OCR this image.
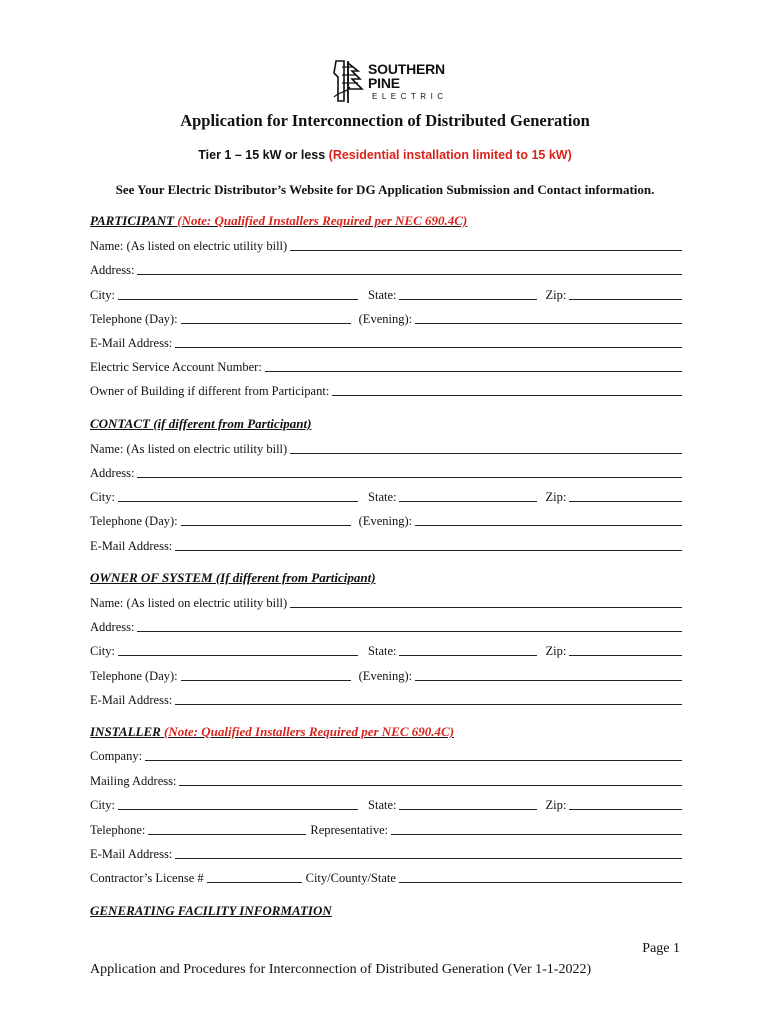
SOUTHERN PINE
ELECTRIC
Application for Interconnection of Distributed Generation
Tier 1 – 15 kW or less (Residential installation limited to 15 kW)
See Your Electric Distributor’s Website for DG Application Submission and Contact information.
PARTICIPANT (Note: Qualified Installers Required per NEC 690.4C)
Name: (As listed on electric utility bill)
Address:
City:	State:	Zip:
Telephone (Day):	(Evening):
E-Mail Address:
Electric Service Account Number:
Owner of Building if different from Participant:
CONTACT (if different from Participant)
Name: (As listed on electric utility bill)
Address:
City:	State:	Zip:
Telephone (Day):	(Evening):
E-Mail Address:
OWNER OF SYSTEM (If different from Participant)
Name: (As listed on electric utility bill)
Address:
City:	State:	Zip:
Telephone (Day):	(Evening):
E-Mail Address:
INSTALLER (Note: Qualified Installers Required per NEC 690.4C)
Company:
Mailing Address:
City:	State:	Zip:
Telephone:	Representative:
E-Mail Address:
Contractor’s License #	City/County/State
GENERATING FACILITY INFORMATION
Page 1
Application and Procedures for Interconnection of Distributed Generation (Ver 1-1-2022)
